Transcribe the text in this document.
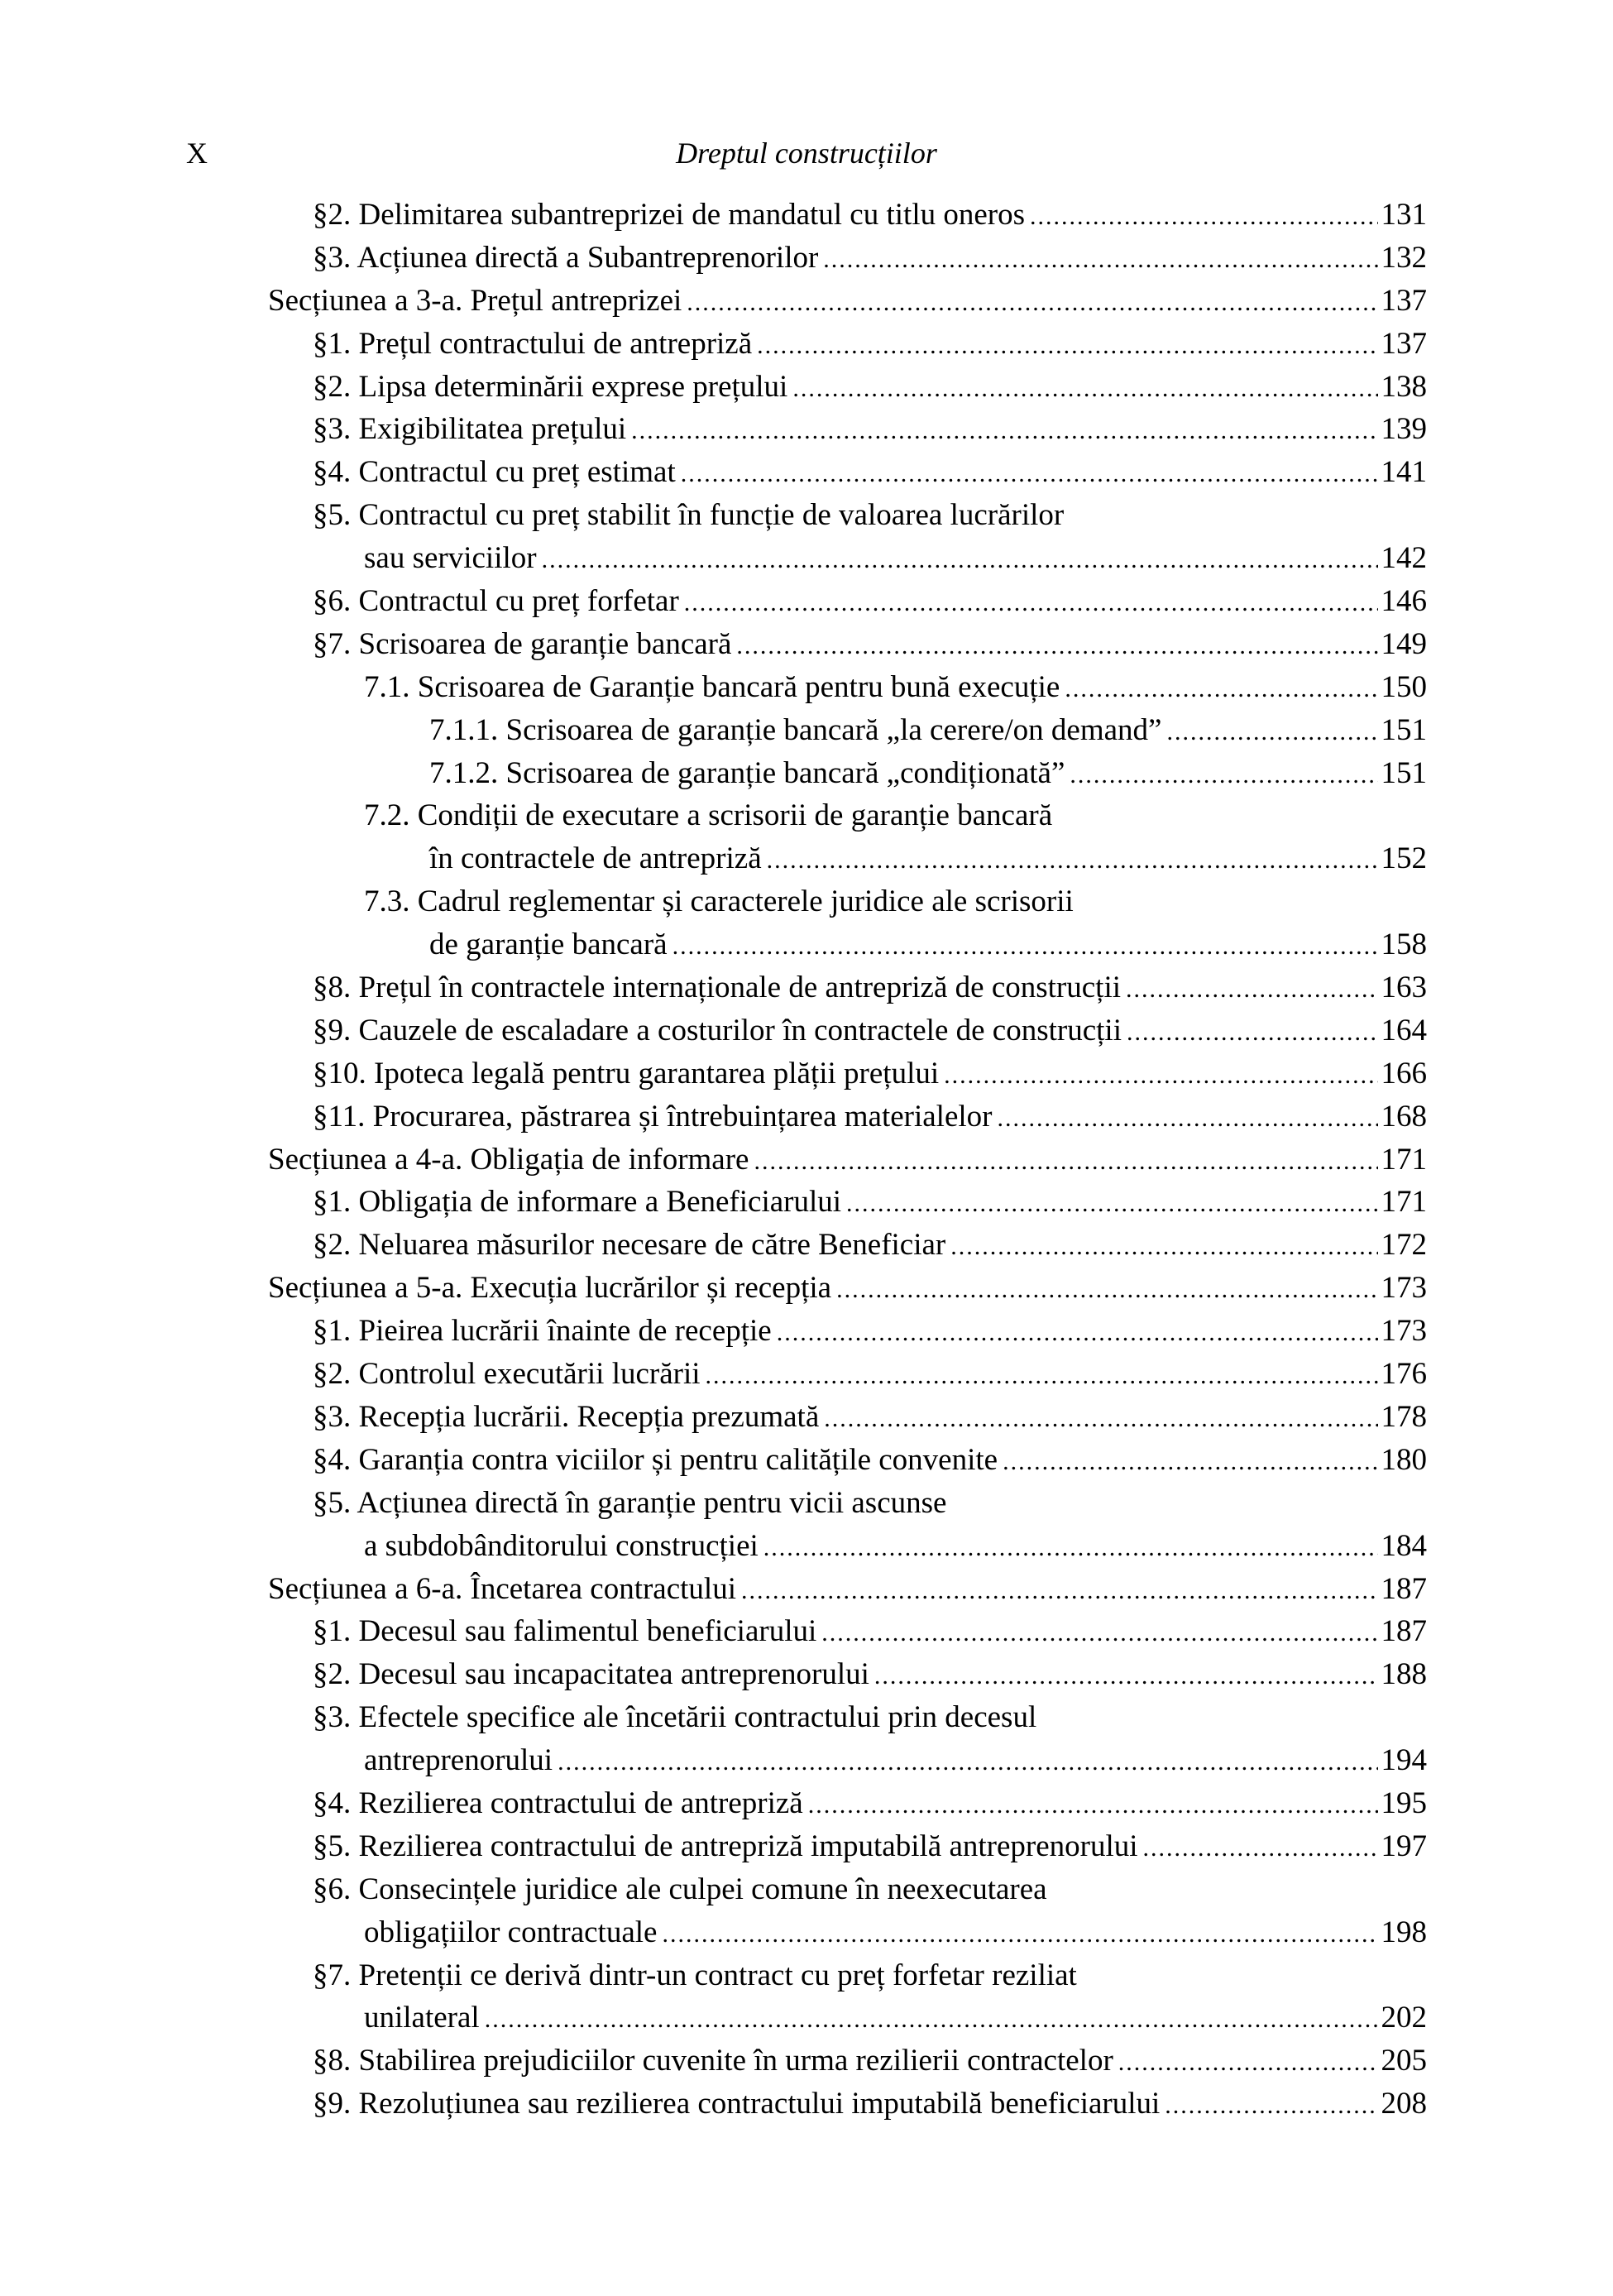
X	Dreptul construcțiilor
§2. Delimitarea subantreprizei de mandatul cu titlu oneros .....	131
§3. Acțiunea directă a Subantreprenorilor .....	132
Secțiunea a 3-a. Prețul antreprizei .....	137
§1. Prețul contractului de antrepriză .....	137
§2. Lipsa determinării exprese prețului .....	138
§3. Exigibilitatea prețului .....	139
§4. Contractul cu preț estimat .....	141
§5. Contractul cu preț stabilit în funcție de valoarea lucrărilor
sau serviciilor .....	142
§6. Contractul cu preț forfetar .....	146
§7. Scrisoarea de garanție bancară .....	149
7.1. Scrisoarea de Garanție bancară pentru bună execuție .....	150
7.1.1. Scrisoarea de garanție bancară „la cerere/on demand” .....	151
7.1.2. Scrisoarea de garanție bancară „condiționată” .....	151
7.2. Condiții de executare a scrisorii de garanție bancară
în contractele de antrepriză .....	152
7.3. Cadrul reglementar și caracterele juridice ale scrisorii
de garanție bancară .....	158
§8. Prețul în contractele internaționale de antrepriză de construcții .....	163
§9. Cauzele de escaladare a costurilor în contractele de construcții .....	164
§10. Ipoteca legală pentru garantarea plății prețului .....	166
§11. Procurarea, păstrarea și întrebuințarea materialelor .....	168
Secțiunea a 4-a. Obligația de informare .....	171
§1. Obligația de informare a Beneficiarului .....	171
§2. Neluarea măsurilor necesare de către Beneficiar .....	172
Secțiunea a 5-a. Execuția lucrărilor și recepția .....	173
§1. Pieirea lucrării înainte de recepție .....	173
§2. Controlul executării lucrării .....	176
§3. Recepția lucrării. Recepția prezumată .....	178
§4. Garanția contra viciilor și pentru calitățile convenite .....	180
§5. Acțiunea directă în garanție pentru vicii ascunse
a subdobânditorului construcției .....	184
Secțiunea a 6-a. Încetarea contractului .....	187
§1. Decesul sau falimentul beneficiarului .....	187
§2. Decesul sau incapacitatea antreprenorului .....	188
§3. Efectele specifice ale încetării contractului prin decesul
antreprenorului .....	194
§4. Rezilierea contractului de antrepriză .....	195
§5. Rezilierea contractului de antrepriză imputabilă antreprenorului .....	197
§6. Consecințele juridice ale culpei comune în neexecutarea
obligațiilor contractuale .....	198
§7. Pretenții ce derivă dintr-un contract cu preț forfetar reziliat
unilateral .....	202
§8. Stabilirea prejudiciilor cuvenite în urma rezilierii contractelor .....	205
§9. Rezoluțiunea sau rezilierea contractului imputabilă beneficiarului .....	208
